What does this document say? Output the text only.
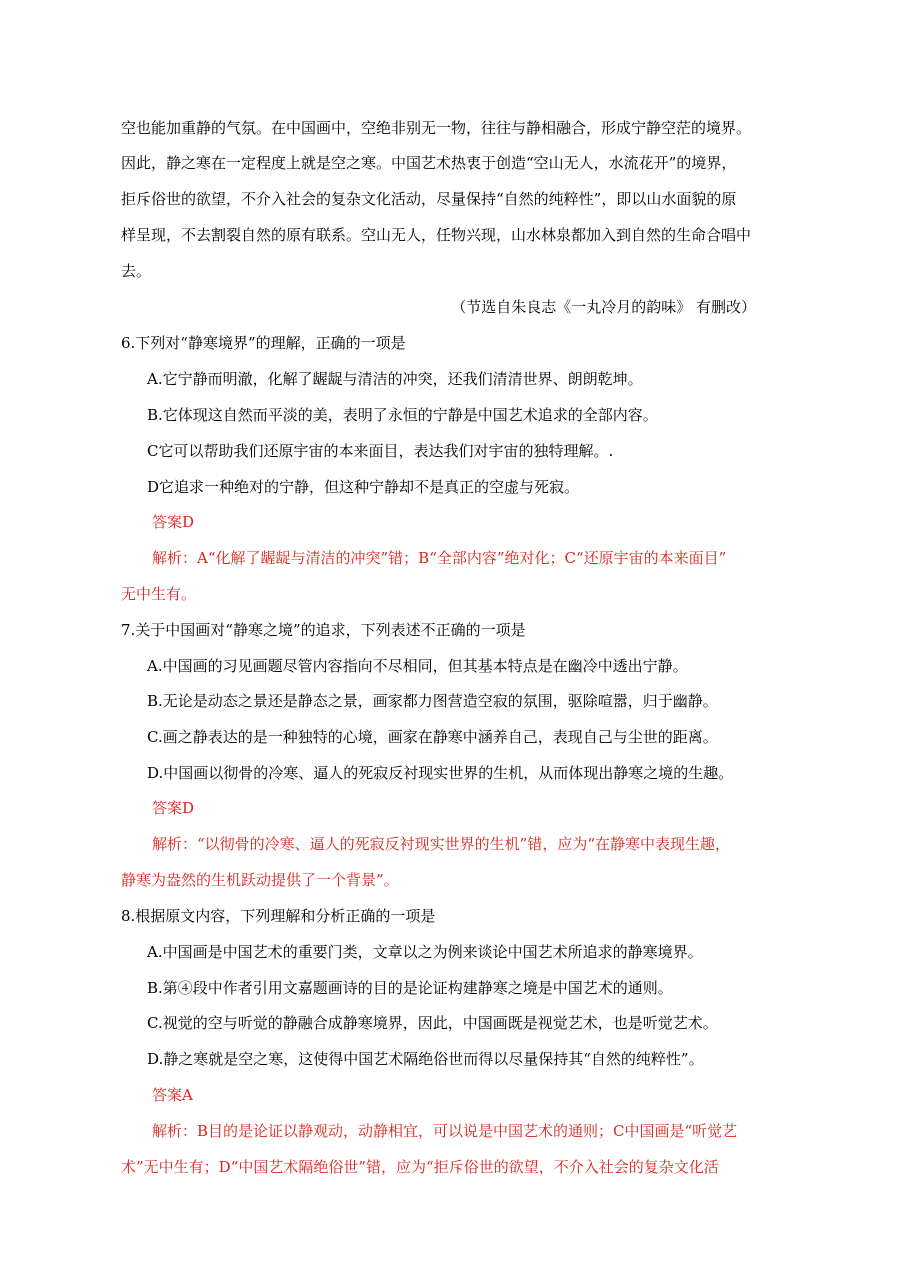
空也能加重静的气氛。在中国画中，空绝非别无一物，往往与静相融合，形成宁静空茫的境界。
因此，静之寒在一定程度上就是空之寒。中国艺术热衷于创造“空山无人，水流花开”的境界，
拒斥俗世的欲望，不介入社会的复杂文化活动，尽量保持“自然的纯粹性”，即以山水面貌的原
样呈现，不去割裂自然的原有联系。空山无人，任物兴现，山水林泉都加入到自然的生命合唱中
去。
（节选自朱良志《一丸冷月的韵味》 有删改）
6.下列对“静寒境界”的理解，正确的一项是
A.它宁静而明澈，化解了龌龊与清洁的冲突，还我们清清世界、朗朗乾坤。
B.它体现这自然而平淡的美，表明了永恒的宁静是中国艺术追求的全部内容。
C它可以帮助我们还原宇宙的本来面目，表达我们对宇宙的独特理解。.
D它追求一种绝对的宁静，但这种宁静却不是真正的空虚与死寂。
答案D
解析：A“化解了龌龊与清洁的冲突”错；B“全部内容”绝对化；C“还原宇宙的本来面目”
无中生有。
7.关于中国画对“静寒之境”的追求，下列表述不正确的一项是
A.中国画的习见画题尽管内容指向不尽相同，但其基本特点是在幽冷中透出宁静。
B.无论是动态之景还是静态之景，画家都力图营造空寂的氛围，驱除喧嚣，归于幽静。
C.画之静表达的是一种独特的心境，画家在静寒中涵养自己，表现自己与尘世的距离。
D.中国画以彻骨的冷寒、逼人的死寂反衬现实世界的生机，从而体现出静寒之境的生趣。
答案D
解析：“以彻骨的冷寒、逼人的死寂反衬现实世界的生机”错，应为“在静寒中表现生趣，
静寒为盎然的生机跃动提供了一个背景”。
8.根据原文内容，下列理解和分析正确的一项是
A.中国画是中国艺术的重要门类，文章以之为例来谈论中国艺术所追求的静寒境界。
B.第④段中作者引用文嘉题画诗的目的是论证构建静寒之境是中国艺术的通则。
C.视觉的空与听觉的静融合成静寒境界，因此，中国画既是视觉艺术，也是听觉艺术。
D.静之寒就是空之寒，这使得中国艺术隔绝俗世而得以尽量保持其“自然的纯粹性”。
答案A
解析：B目的是论证以静观动，动静相宜，可以说是中国艺术的通则；C中国画是“听觉艺
术”无中生有；D“中国艺术隔绝俗世”错，应为“拒斥俗世的欲望，不介入社会的复杂文化活
